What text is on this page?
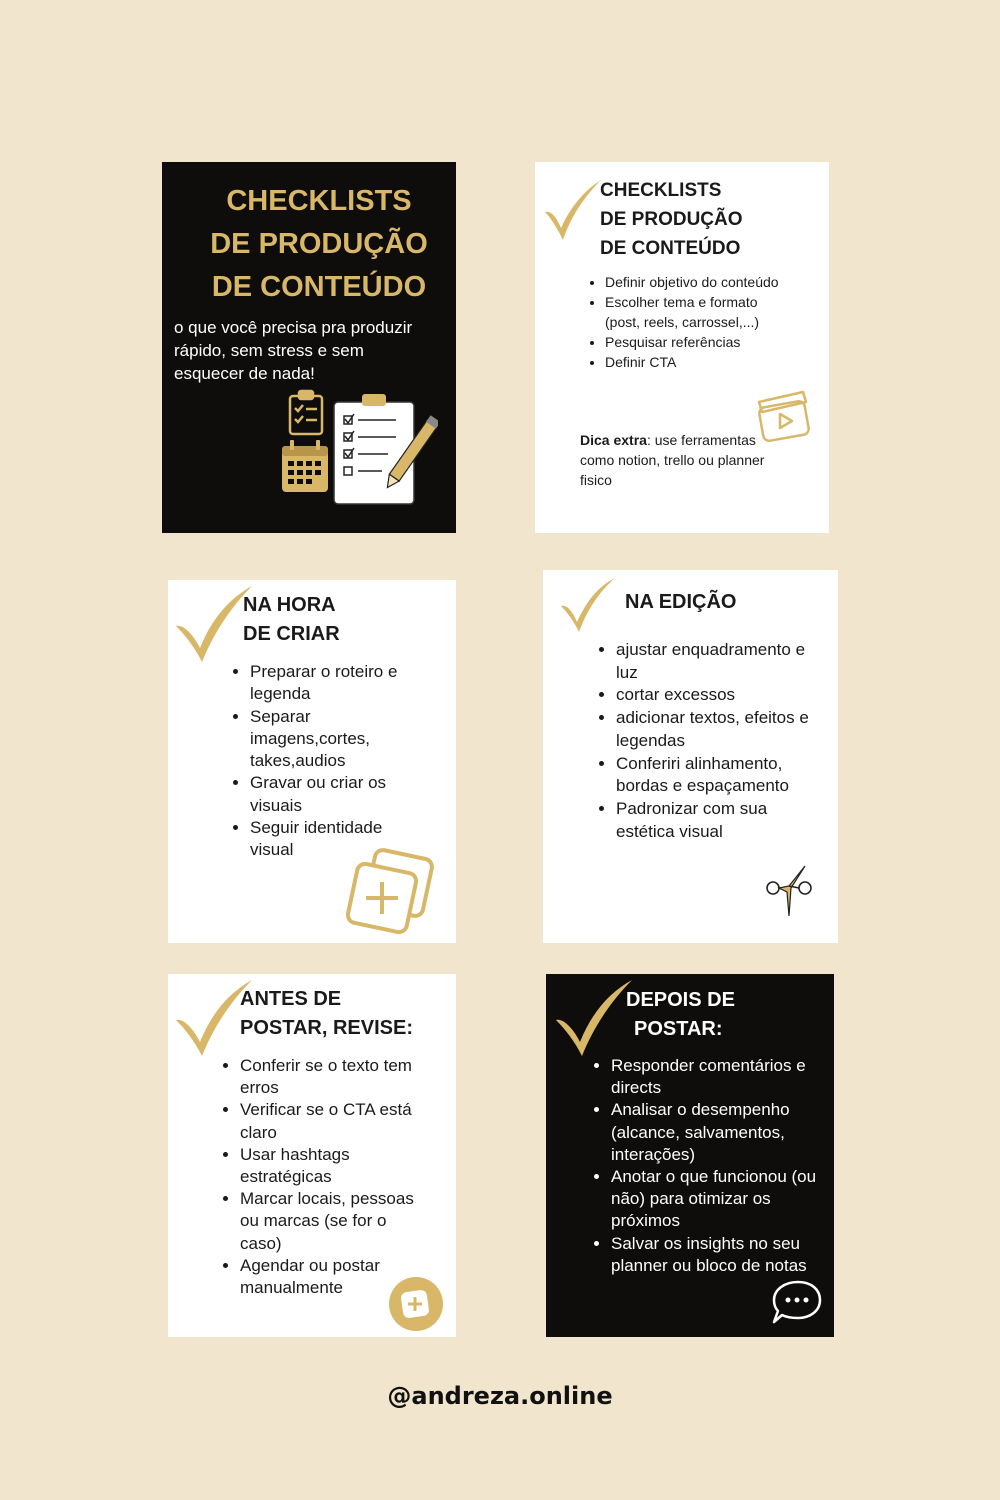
CHECKLISTS
DE PRODUÇÃO
DE CONTEÚDO
o que você precisa pra produzir rápido, sem stress e sem esquecer de nada!
CHECKLISTS
DE PRODUÇÃO
DE CONTEÚDO
• Definir objetivo do conteúdo
• Escolher tema e formato (post, reels, carrossel,...)
• Pesquisar referências
• Definir CTA
Dica extra: use ferramentas como notion, trello ou planner fisico
NA HORA
DE CRIAR
• Preparar o roteiro e legenda
• Separar imagens,cortes, takes,audios
• Gravar ou criar os visuais
• Seguir identidade visual
NA EDIÇÃO
• ajustar enquadramento e luz
• cortar excessos
• adicionar textos, efeitos e legendas
• Conferiri alinhamento, bordas e espaçamento
• Padronizar com sua estética visual
ANTES DE
POSTAR, REVISE:
• Conferir se o texto tem erros
• Verificar se o CTA está claro
• Usar hashtags estratégicas
• Marcar locais, pessoas ou marcas (se for o caso)
• Agendar ou postar manualmente
DEPOIS DE
POSTAR:
• Responder comentários e directs
• Analisar o desempenho (alcance, salvamentos, interações)
• Anotar o que funcionou (ou não) para otimizar os próximos
• Salvar os insights no seu planner ou bloco de notas
@andreza.online
